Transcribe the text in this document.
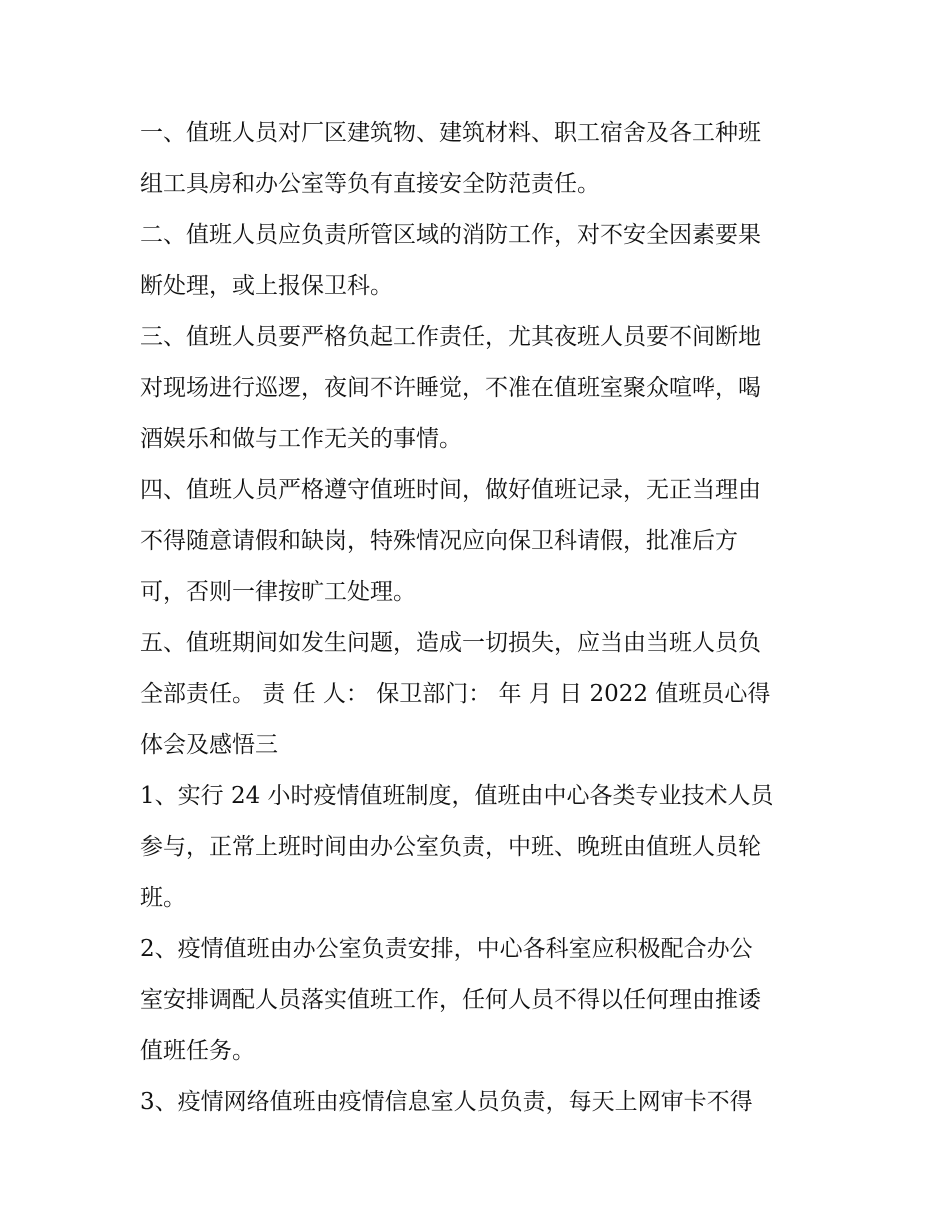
一、值班人员对厂区建筑物、建筑材料、职工宿舍及各工种班
组工具房和办公室等负有直接安全防范责任。
二、值班人员应负责所管区域的消防工作，对不安全因素要果
断处理，或上报保卫科。
三、值班人员要严格负起工作责任，尤其夜班人员要不间断地
对现场进行巡逻，夜间不许睡觉，不准在值班室聚众喧哗，喝
酒娱乐和做与工作无关的事情。
四、值班人员严格遵守值班时间，做好值班记录，无正当理由
不得随意请假和缺岗，特殊情况应向保卫科请假，批准后方
可，否则一律按旷工处理。
五、值班期间如发生问题，造成一切损失，应当由当班人员负
全部责任。 责 任 人： 保卫部门： 年 月 日 2022 值班员心得
体会及感悟三
1、实行 24 小时疫情值班制度，值班由中心各类专业技术人员
参与，正常上班时间由办公室负责，中班、晚班由值班人员轮
班。
2、疫情值班由办公室负责安排，中心各科室应积极配合办公
室安排调配人员落实值班工作，任何人员不得以任何理由推诿
值班任务。
3、疫情网络值班由疫情信息室人员负责，每天上网审卡不得
